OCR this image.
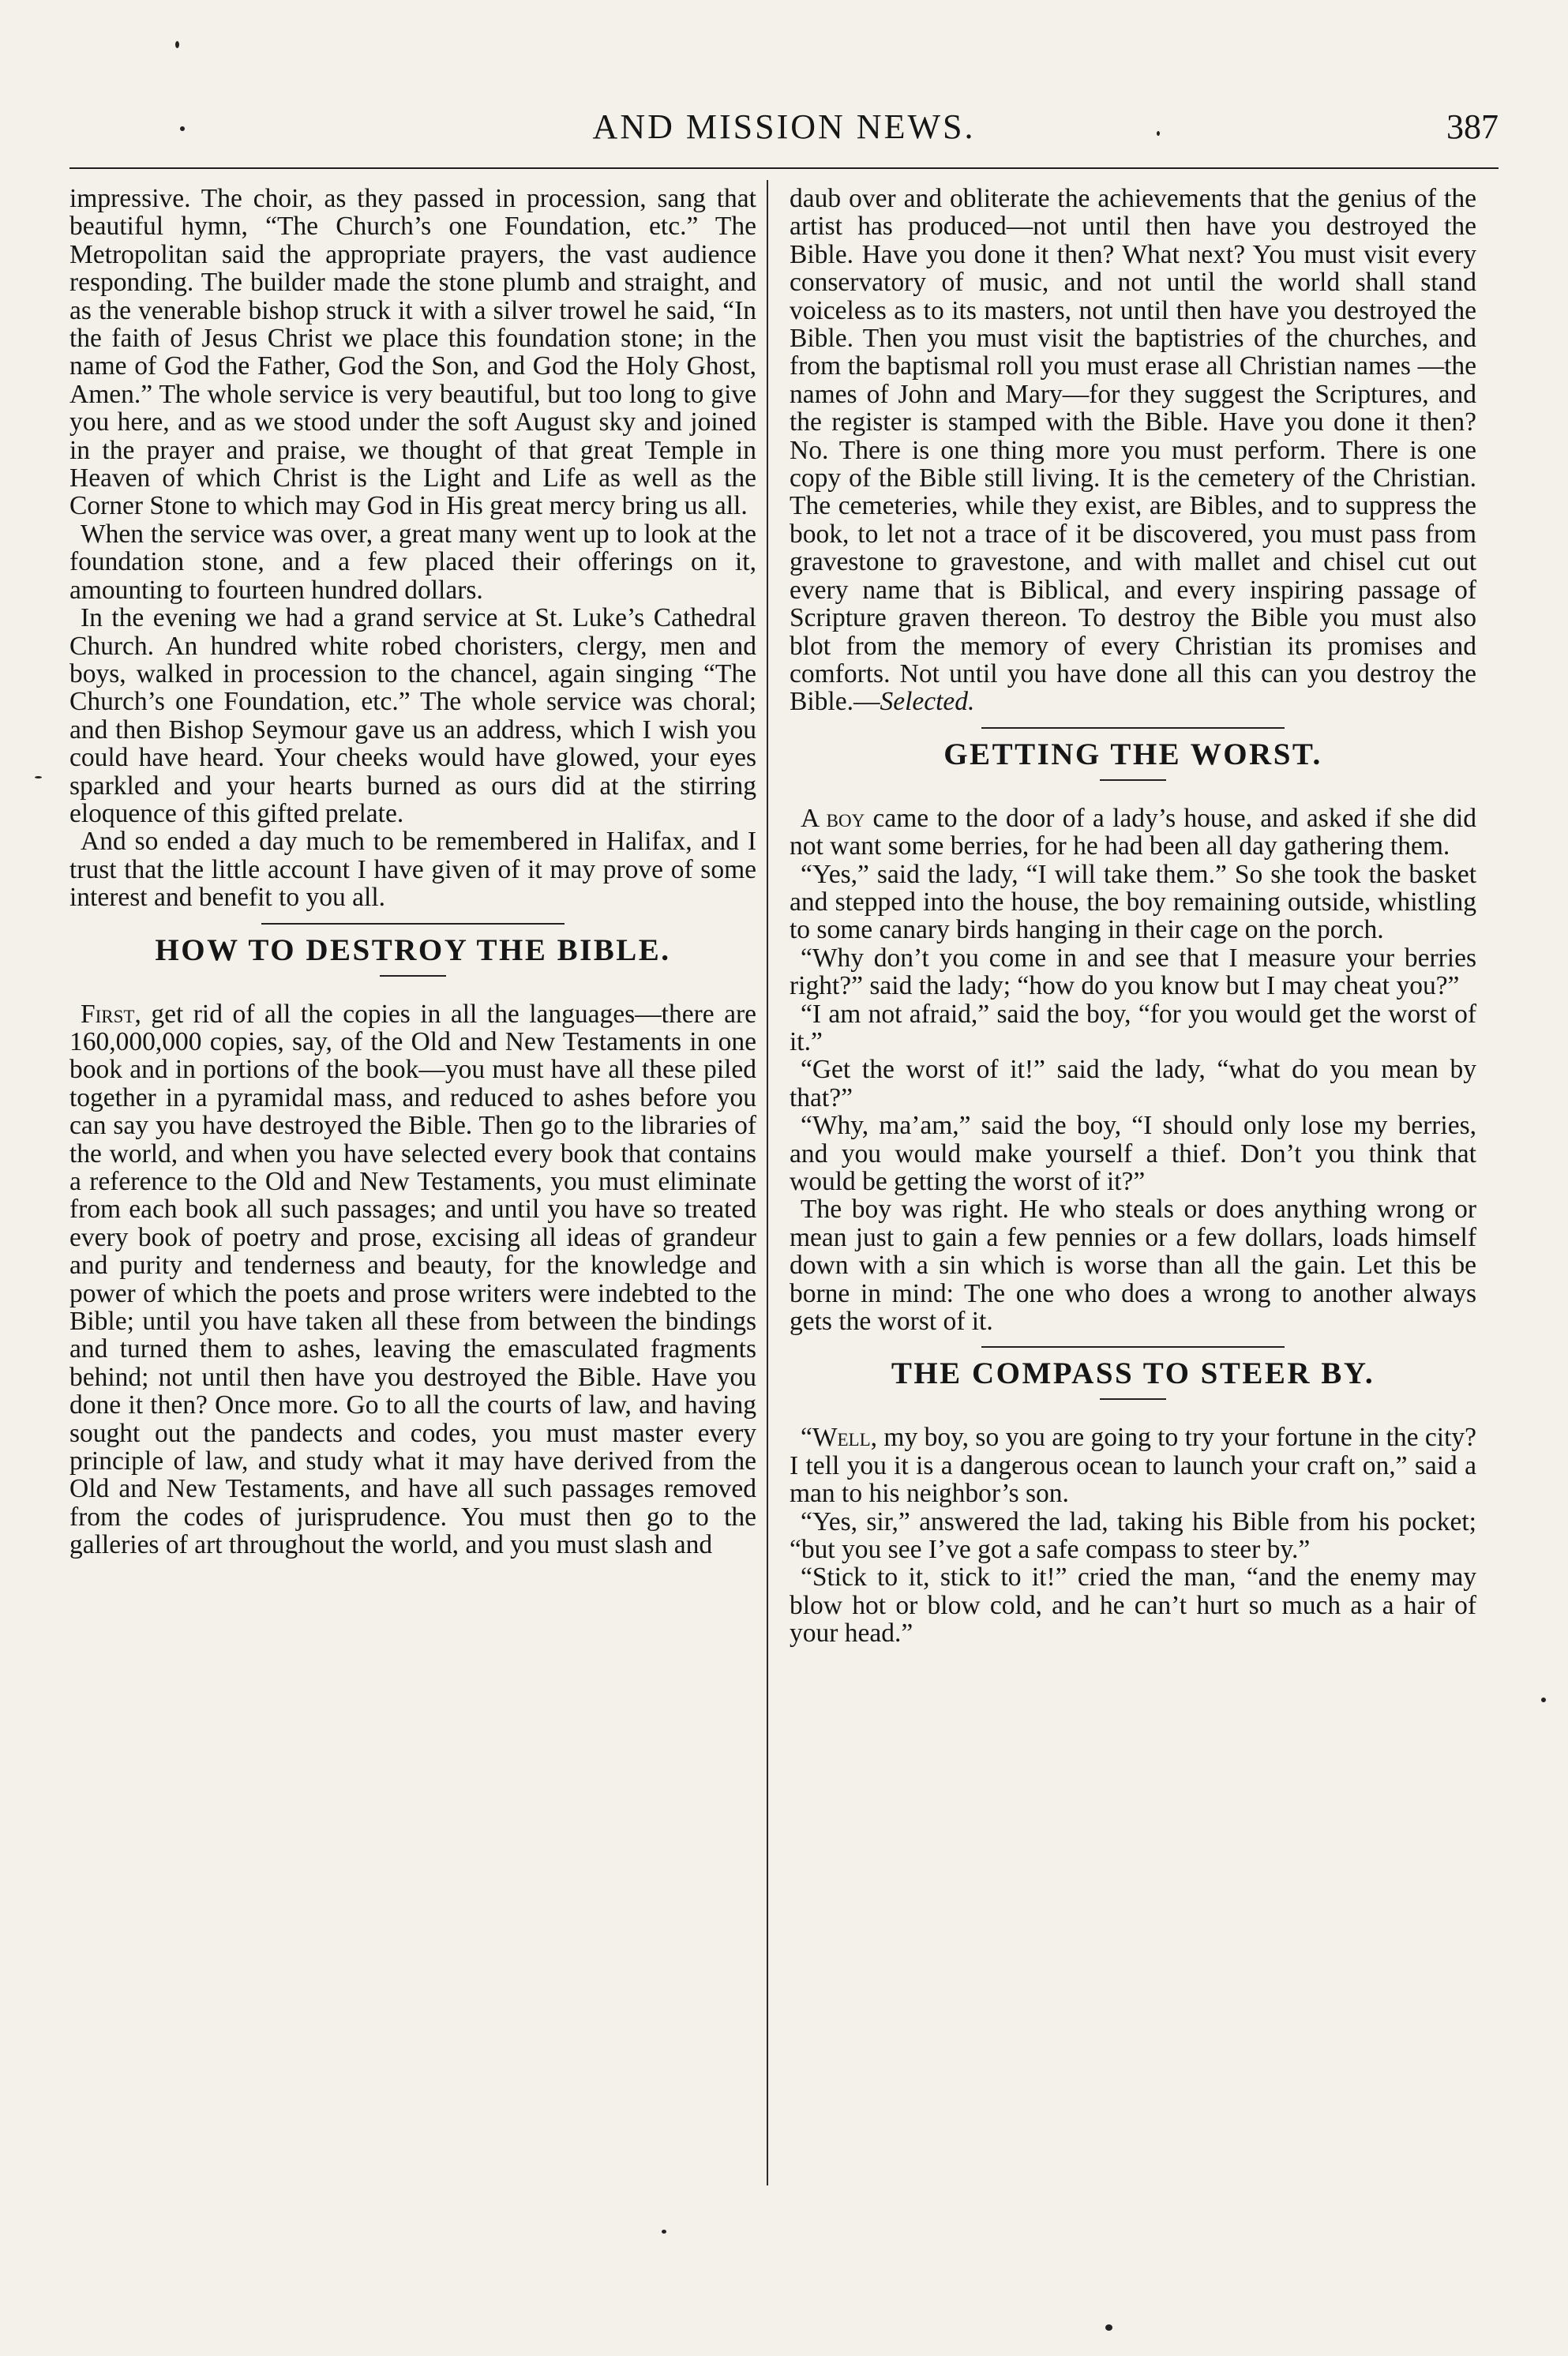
AND MISSION NEWS.	387

impressive. The choir, as they passed in procession, sang that beautiful hymn, “The Church’s one Foundation, etc.” The Metropolitan said the appropriate prayers, the vast audience responding. The builder made the stone plumb and straight, and as the venerable bishop struck it with a silver trowel he said, “In the faith of Jesus Christ we place this foundation stone; in the name of God the Father, God the Son, and God the Holy Ghost, Amen.” The whole service is very beautiful, but too long to give you here, and as we stood under the soft August sky and joined in the prayer and praise, we thought of that great Temple in Heaven of which Christ is the Light and Life as well as the Corner Stone to which may God in His great mercy bring us all.

When the service was over, a great many went up to look at the foundation stone, and a few placed their offerings on it, amounting to fourteen hundred dollars.

In the evening we had a grand service at St. Luke’s Cathedral Church. An hundred white robed choristers, clergy, men and boys, walked in procession to the chancel, again singing “The Church’s one Foundation, etc.” The whole service was choral; and then Bishop Seymour gave us an address, which I wish you could have heard. Your cheeks would have glowed, your eyes sparkled and your hearts burned as ours did at the stirring eloquence of this gifted prelate.

And so ended a day much to be remembered in Halifax, and I trust that the little account I have given of it may prove of some interest and benefit to you all.

HOW TO DESTROY THE BIBLE.

First, get rid of all the copies in all the languages—there are 160,000,000 copies, say, of the Old and New Testaments in one book and in portions of the book—you must have all these piled together in a pyramidal mass, and reduced to ashes before you can say you have destroyed the Bible. Then go to the libraries of the world, and when you have selected every book that contains a reference to the Old and New Testaments, you must eliminate from each book all such passages; and until you have so treated every book of poetry and prose, excising all ideas of grandeur and purity and tenderness and beauty, for the knowledge and power of which the poets and prose writers were indebted to the Bible; until you have taken all these from between the bindings and turned them to ashes, leaving the emasculated fragments behind; not until then have you destroyed the Bible. Have you done it then? Once more. Go to all the courts of law, and having sought out the pandects and codes, you must master every principle of law, and study what it may have derived from the Old and New Testaments, and have all such passages removed from the codes of jurisprudence. You must then go to the galleries of art throughout the world, and you must slash and

daub over and obliterate the achievements that the genius of the artist has produced—not until then have you destroyed the Bible. Have you done it then? What next? You must visit every conservatory of music, and not until the world shall stand voiceless as to its masters, not until then have you destroyed the Bible. Then you must visit the baptistries of the churches, and from the baptismal roll you must erase all Christian names —the names of John and Mary—for they suggest the Scriptures, and the register is stamped with the Bible. Have you done it then? No. There is one thing more you must perform. There is one copy of the Bible still living. It is the cemetery of the Christian. The cemeteries, while they exist, are Bibles, and to suppress the book, to let not a trace of it be discovered, you must pass from gravestone to gravestone, and with mallet and chisel cut out every name that is Biblical, and every inspiring passage of Scripture graven thereon. To destroy the Bible you must also blot from the memory of every Christian its promises and comforts. Not until you have done all this can you destroy the Bible.—Selected.

GETTING THE WORST.

A boy came to the door of a lady’s house, and asked if she did not want some berries, for he had been all day gathering them.

“Yes,” said the lady, “I will take them.” So she took the basket and stepped into the house, the boy remaining outside, whistling to some canary birds hanging in their cage on the porch.

“Why don’t you come in and see that I measure your berries right?” said the lady; “how do you know but I may cheat you?”

“I am not afraid,” said the boy, “for you would get the worst of it.”

“Get the worst of it!” said the lady, “what do you mean by that?”

“Why, ma’am,” said the boy, “I should only lose my berries, and you would make yourself a thief. Don’t you think that would be getting the worst of it?”

The boy was right. He who steals or does anything wrong or mean just to gain a few pennies or a few dollars, loads himself down with a sin which is worse than all the gain. Let this be borne in mind: The one who does a wrong to another always gets the worst of it.

THE COMPASS TO STEER BY.

“Well, my boy, so you are going to try your fortune in the city? I tell you it is a dangerous ocean to launch your craft on,” said a man to his neighbor’s son.

“Yes, sir,” answered the lad, taking his Bible from his pocket; “but you see I’ve got a safe compass to steer by.”

“Stick to it, stick to it!” cried the man, “and the enemy may blow hot or blow cold, and he can’t hurt so much as a hair of your head.”
